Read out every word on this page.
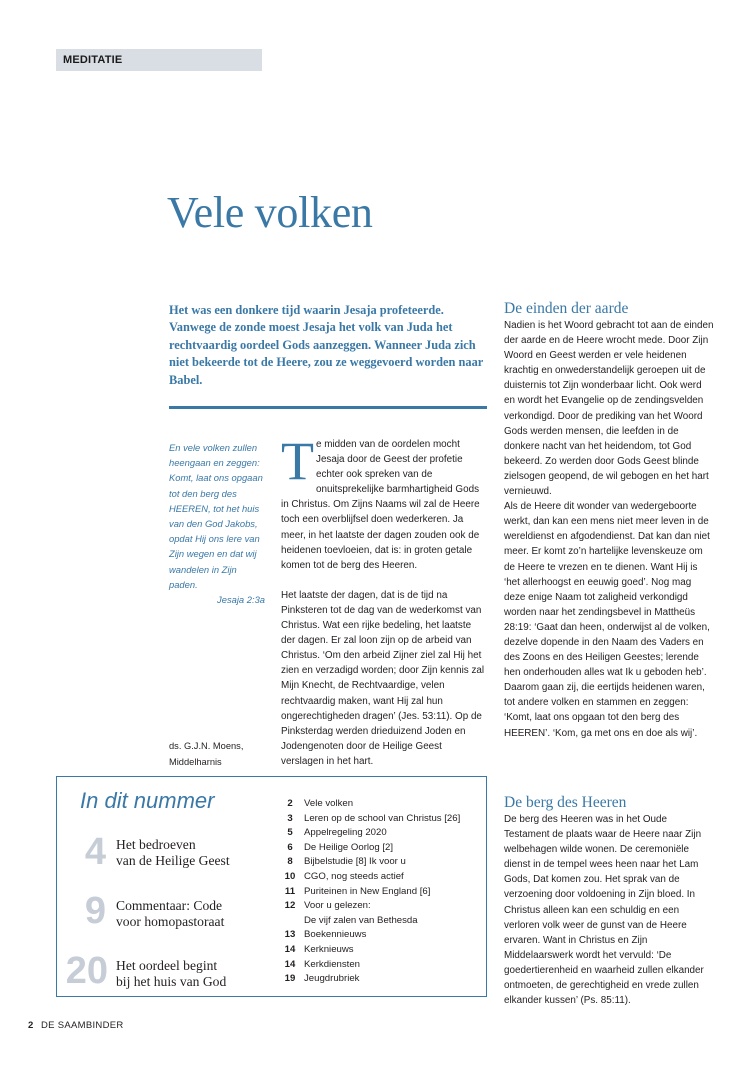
MEDITATIE
Vele volken

Het was een donkere tijd waarin Jesaja profeteerde. Vanwege de zonde moest Jesaja het volk van Juda het rechtvaardig oordeel Gods aanzeggen. Wanneer Juda zich niet bekeerde tot de Heere, zou ze weggevoerd worden naar Babel.

En vele volken zullen heengaan en zeggen: Komt, laat ons opgaan tot den berg des HEEREN, tot het huis van den God Jakobs, opdat Hij ons lere van Zijn wegen en dat wij wandelen in Zijn paden.
Jesaja 2:3a
ds. G.J.N. Moens,
Middelharnis

Te midden van de oordelen mocht Jesaja door de Geest der profetie echter ook spreken van de onuitsprekelijke barmhartigheid Gods in Christus. Om Zijns Naams wil zal de Heere toch een overblijfsel doen wederkeren. Ja meer, in het laatste der dagen zouden ook de heidenen toevloeien, dat is: in groten getale komen tot de berg des Heeren.

Het laatste der dagen, dat is de tijd na Pinksteren tot de dag van de wederkomst van Christus. Wat een rijke bedeling, het laatste der dagen. Er zal loon zijn op de arbeid van Christus. ‘Om den arbeid Zijner ziel zal Hij het zien en verzadigd worden; door Zijn kennis zal Mijn Knecht, de Rechtvaardige, velen rechtvaardig maken, want Hij zal hun ongerechtigheden dragen’ (Jes. 53:11). Op de Pinksterdag werden drieduizend Joden en Jodengenoten door de Heilige Geest verslagen in het hart.

De einden der aarde

Nadien is het Woord gebracht tot aan de einden der aarde en de Heere wrocht mede. Door Zijn Woord en Geest werden er vele heidenen krachtig en onwederstandelijk geroepen uit de duisternis tot Zijn wonderbaar licht. Ook werd en wordt het Evangelie op de zendingsvelden verkondigd. Door de prediking van het Woord Gods werden mensen, die leefden in de donkere nacht van het heidendom, tot God bekeerd. Zo werden door Gods Geest blinde zielsogen geopend, de wil gebogen en het hart vernieuwd.

Als de Heere dit wonder van wedergeboorte werkt, dan kan een mens niet meer leven in de wereldienst en afgodendienst. Dat kan dan niet meer. Er komt zo’n hartelijke levenskeuze om de Heere te vrezen en te dienen. Want Hij is ‘het allerhoogst en eeuwig goed’. Nog mag deze enige Naam tot zaligheid verkondigd worden naar het zendingsbevel in Mattheüs 28:19: ‘Gaat dan heen, onderwijst al de volken, dezelve dopende in den Naam des Vaders en des Zoons en des Heiligen Geestes; lerende hen onderhouden alles wat Ik u geboden heb’. Daarom gaan zij, die eertijds heidenen waren, tot andere volken en stammen en zeggen: ‘Komt, laat ons opgaan tot den berg des HEEREN’. ‘Kom, ga met ons en doe als wij’.

De berg des Heeren

De berg des Heeren was in het Oude Testament de plaats waar de Heere naar Zijn welbehagen wilde wonen. De ceremoniële dienst in de tempel wees heen naar het Lam Gods, Dat komen zou. Het sprak van de verzoening door voldoening in Zijn bloed. In Christus alleen kan een schuldig en een verloren volk weer de gunst van de Heere ervaren. Want in Christus en Zijn Middelaarswerk wordt het vervuld: ‘De goedertierenheid en waarheid zullen elkander ontmoeten, de gerechtigheid en vrede zullen elkander kussen’ (Ps. 85:11).

In dit nummer
4 Het bedroeven
van de Heilige Geest
9 Commentaar: Code
voor homopastoraat
20 Het oordeel begint
bij het huis van God
2	Vele volken
3	Leren op de school van Christus [26]
5	Appelregeling 2020
6	De Heilige Oorlog [2]
8	Bijbelstudie [8] Ik voor u
10 CGO, nog steeds actief
11 Puriteinen in New England [6]
12 Voor u gelezen:
De vijf zalen van Bethesda
13 Boekennieuws
14 Kerknieuws
14 Kerkdiensten
19 Jeugdrubriek
2 DE SAAMBINDER
